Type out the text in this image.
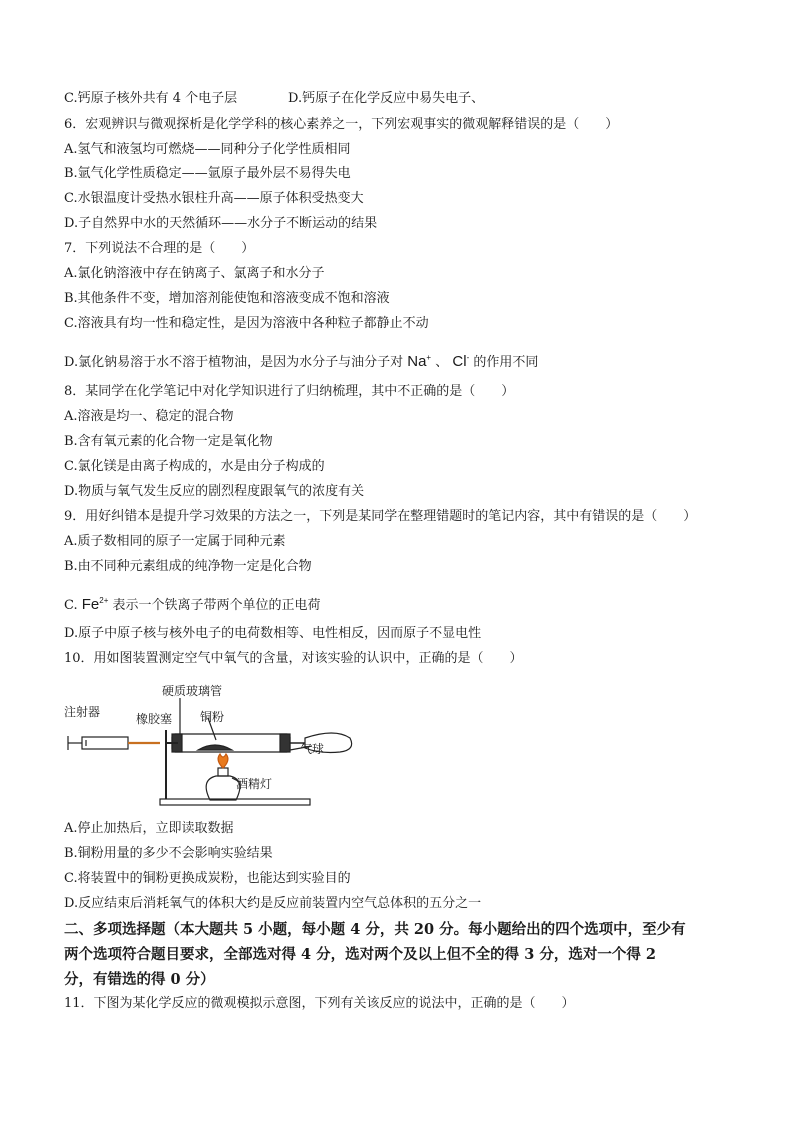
C.钙原子核外共有 4 个电子层	D.钙原子在化学反应中易失电子、
6．宏观辨识与微观探析是化学学科的核心素养之一，下列宏观事实的微观解释错误的是（　　）
A.氢气和液氢均可燃烧——同种分子化学性质相同
B.氩气化学性质稳定——氩原子最外层不易得失电
C.水银温度计受热水银柱升高——原子体积受热变大
D.子自然界中水的天然循环——水分子不断运动的结果
7．下列说法不合理的是（　　）
A.氯化钠溶液中存在钠离子、氯离子和水分子
B.其他条件不变，增加溶剂能使饱和溶液变成不饱和溶液
C.溶液具有均一性和稳定性，是因为溶液中各种粒子都静止不动
D.氯化钠易溶于水不溶于植物油，是因为水分子与油分子对 Na+ 、 Cl- 的作用不同
8．某同学在化学笔记中对化学知识进行了归纳梳理，其中不正确的是（　　）
A.溶液是均一、稳定的混合物
B.含有氧元素的化合物一定是氧化物
C.氯化镁是由离子构成的，水是由分子构成的
D.物质与氧气发生反应的剧烈程度跟氧气的浓度有关
9．用好纠错本是提升学习效果的方法之一，下列是某同学在整理错题时的笔记内容，其中有错误的是（　　）
A.质子数相同的原子一定属于同种元素
B.由不同种元素组成的纯净物一定是化合物
C. $Fe^{2+}$ 表示一个铁离子带两个单位的正电荷
D.原子中原子核与核外电子的电荷数相等、电性相反，因而原子不显电性
10．用如图装置测定空气中氧气的含量，对该实验的认识中，正确的是（　　）
硬质玻璃管
注射器	橡胶塞 铜粉
气球
酒精灯
A.停止加热后，立即读取数据
B.铜粉用量的多少不会影响实验结果
C.将装置中的铜粉更换成炭粉，也能达到实验目的
D.反应结束后消耗氧气的体积大约是反应前装置内空气总体积的五分之一
二、多项选择题（本大题共 5 小题，每小题 4 分，共 20 分。每小题给出的四个选项中，至少有
两个选项符合题目要求，全部选对得 4 分，选对两个及以上但不全的得 3 分，选对一个得 2
分，有错选的得 0 分）
11．下图为某化学反应的微观模拟示意图，下列有关该反应的说法中，正确的是（　　）
